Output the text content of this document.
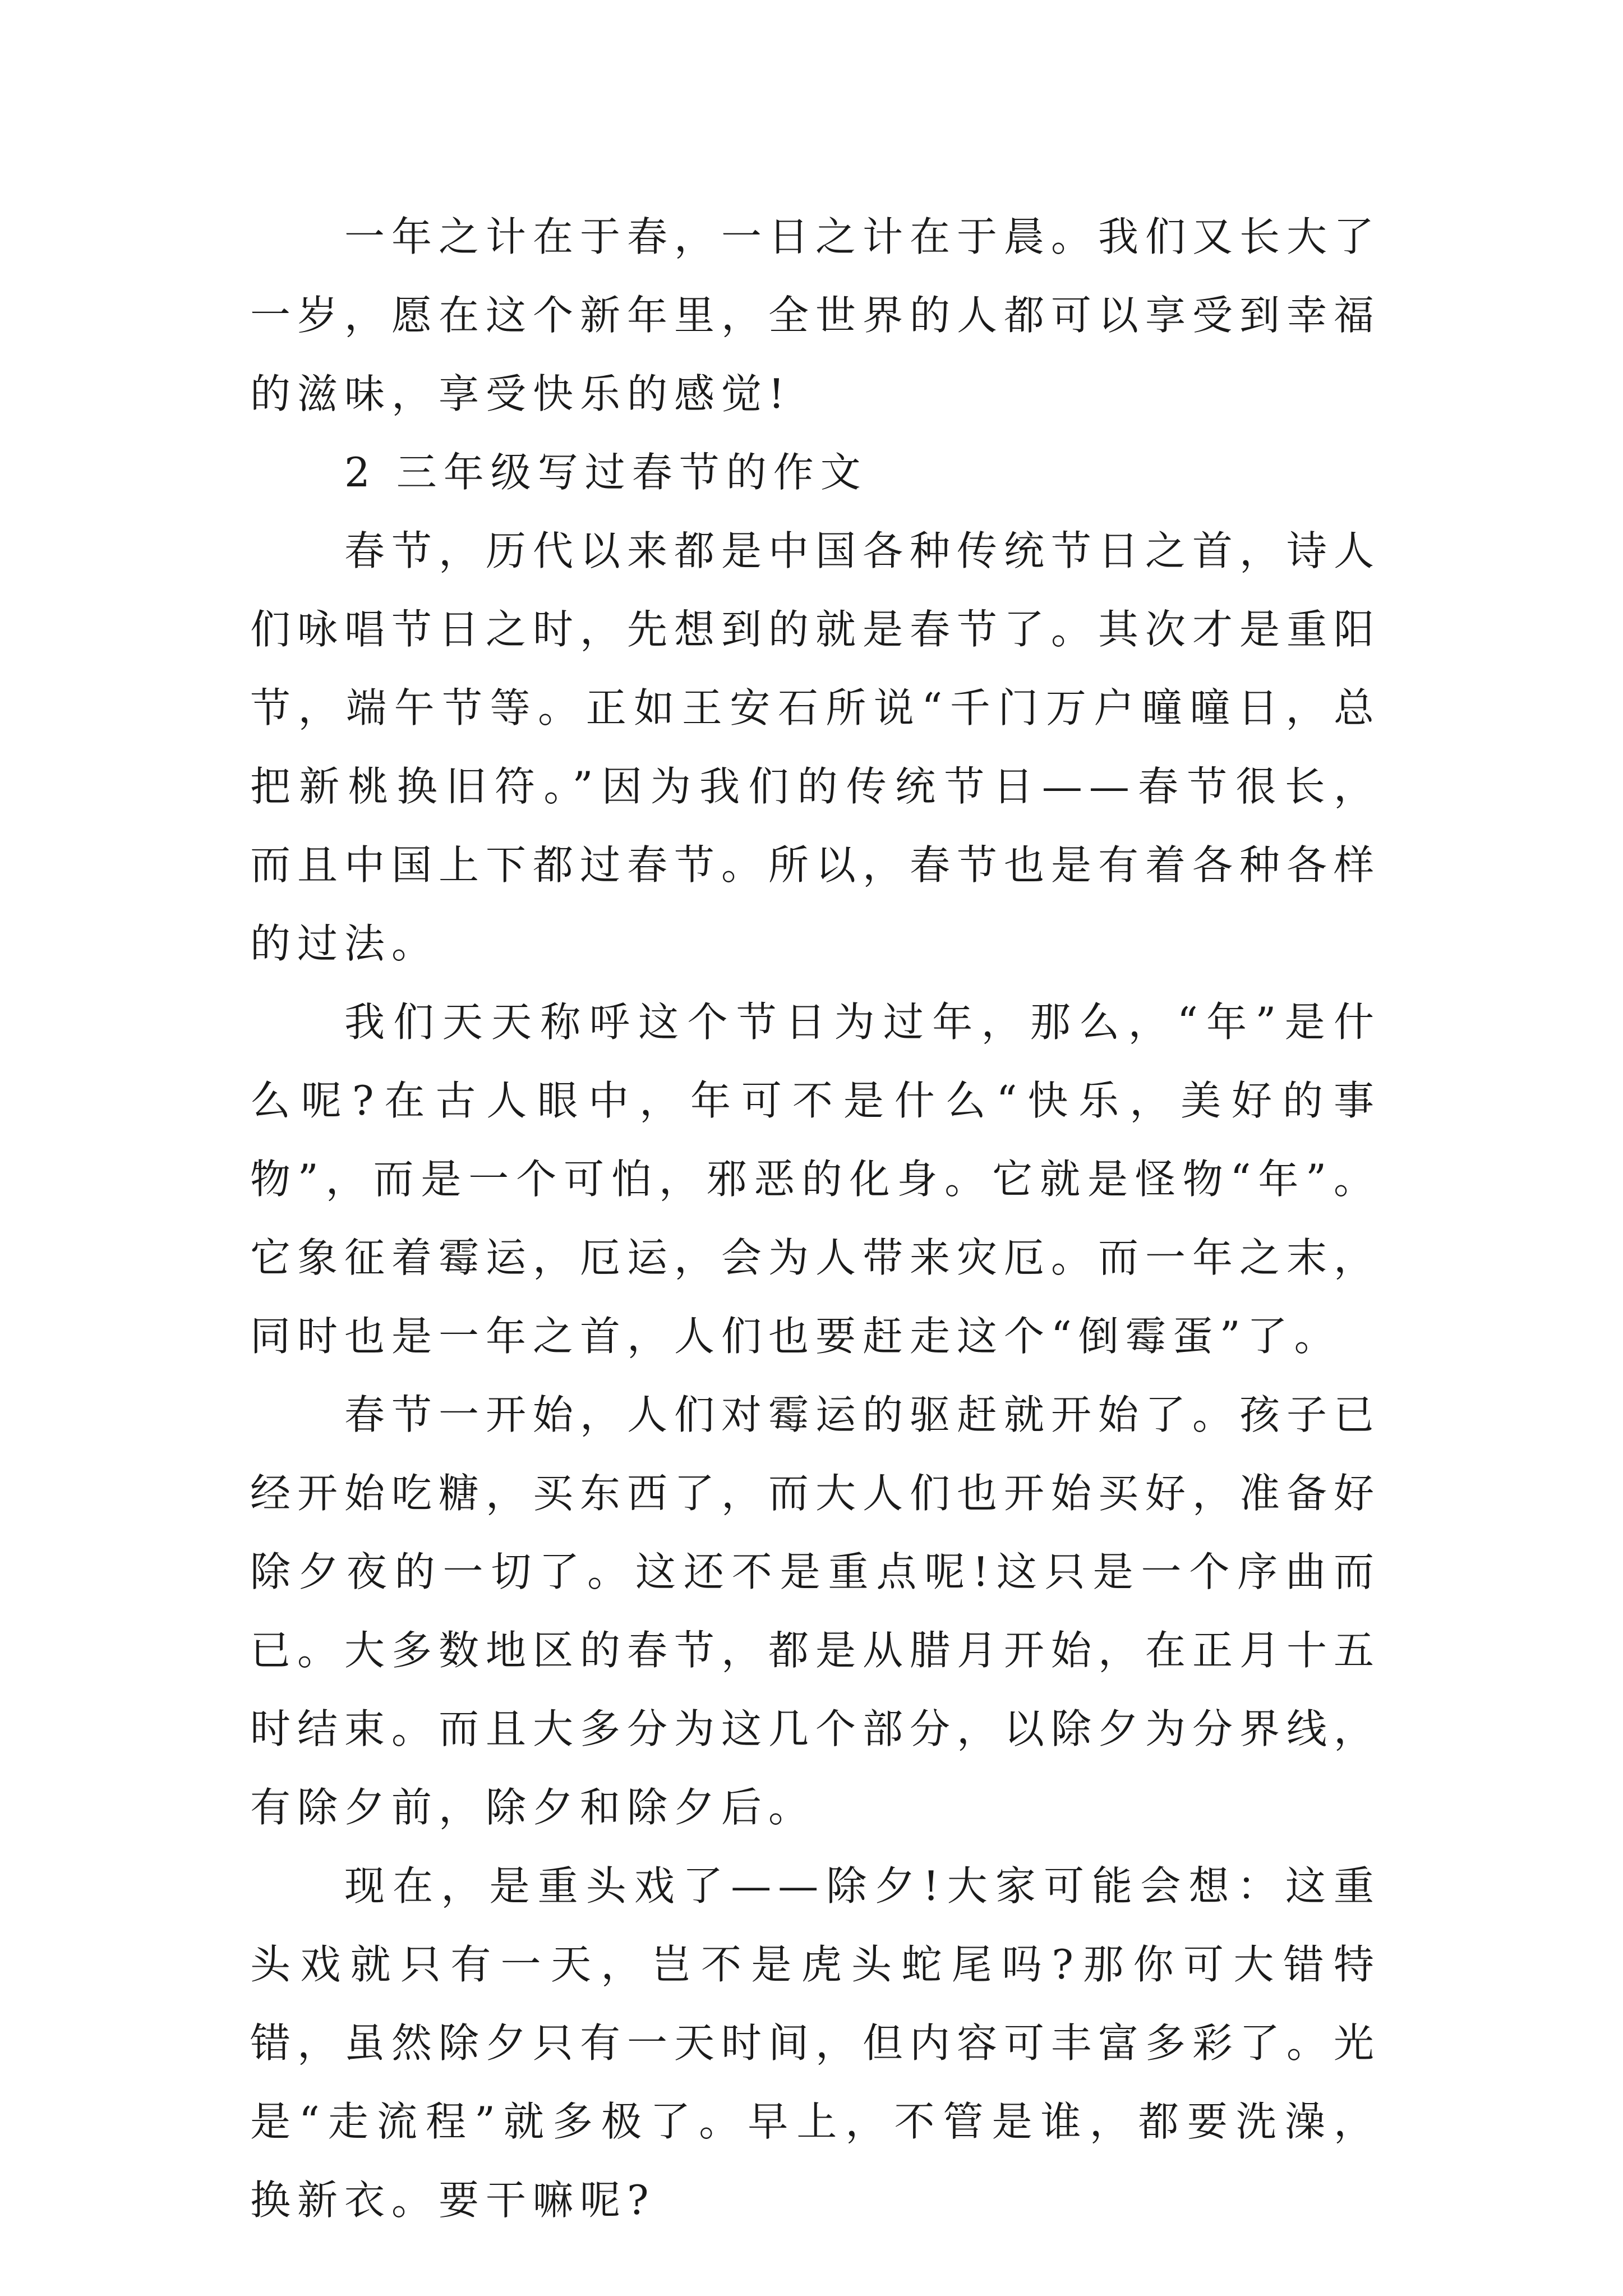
一年之计在于春，一日之计在于晨。我们又长大了一岁，愿在这个新年里，全世界的人都可以享受到幸福的滋味，享受快乐的感觉!

2 三年级写过春节的作文

春节，历代以来都是中国各种传统节日之首，诗人们咏唱节日之时，先想到的就是春节了。其次才是重阳节，端午节等。正如王安石所说“千门万户曈曈日，总把新桃换旧符。”因为我们的传统节日——春节很长，而且中国上下都过春节。所以，春节也是有着各种各样的过法。

我们天天称呼这个节日为过年，那么，“年”是什么呢?在古人眼中，年可不是什么“快乐，美好的事物”，而是一个可怕，邪恶的化身。它就是怪物“年”。它象征着霉运，厄运，会为人带来灾厄。而一年之末，同时也是一年之首，人们也要赶走这个“倒霉蛋”了。

春节一开始，人们对霉运的驱赶就开始了。孩子已经开始吃糖，买东西了，而大人们也开始买好，准备好除夕夜的一切了。这还不是重点呢!这只是一个序曲而已。大多数地区的春节，都是从腊月开始，在正月十五时结束。而且大多分为这几个部分，以除夕为分界线，有除夕前，除夕和除夕后。

现在，是重头戏了——除夕!大家可能会想：这重头戏就只有一天，岂不是虎头蛇尾吗?那你可大错特错，虽然除夕只有一天时间，但内容可丰富多彩了。光是“走流程”就多极了。早上，不管是谁，都要洗澡，换新衣。要干嘛呢?
